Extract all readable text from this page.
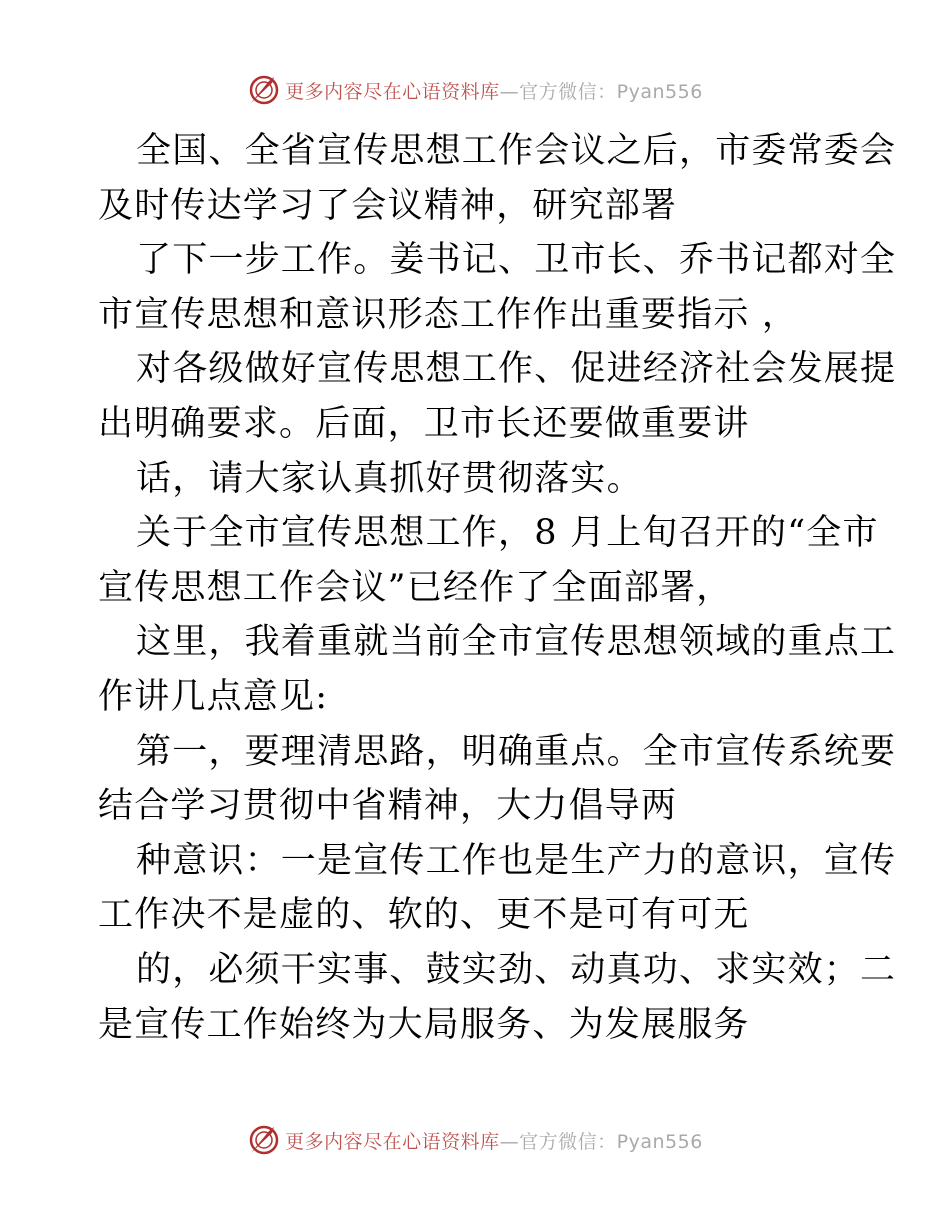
更多内容尽在心语资料库—官方微信：Pyan556
全国、全省宣传思想工作会议之后，市委常委会
及时传达学习了会议精神，研究部署
了下一步工作。姜书记、卫市长、乔书记都对全
市宣传思想和意识形态工作作出重要指示 ，
对各级做好宣传思想工作、促进经济社会发展提
出明确要求。后面，卫市长还要做重要讲
话，请大家认真抓好贯彻落实。
关于全市宣传思想工作，8 月上旬召开的“全市
宣传思想工作会议”已经作了全面部署，
这里，我着重就当前全市宣传思想领域的重点工
作讲几点意见:
第一，要理清思路，明确重点。全市宣传系统要
结合学习贯彻中省精神，大力倡导两
种意识：一是宣传工作也是生产力的意识，宣传
工作决不是虚的、软的、更不是可有可无
的，必须干实事、鼓实劲、动真功、求实效；二
是宣传工作始终为大局服务、为发展服务
更多内容尽在心语资料库—官方微信：Pyan556
